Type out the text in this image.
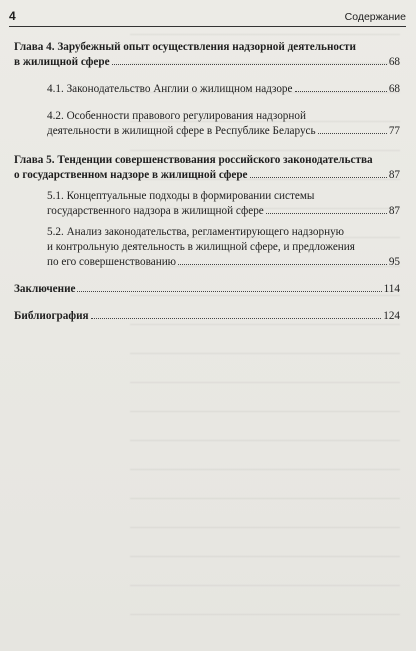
4	Содержание
Глава 4. Зарубежный опыт осуществления надзорной деятельности
в жилищной сфере	68
4.1. Законодательство Англии о жилищном надзоре	68
4.2. Особенности правового регулирования надзорной
деятельности в жилищной сфере в Республике Беларусь	77
Глава 5. Тенденции совершенствования российского законодательства
о государственном надзоре в жилищной сфере	87
5.1. Концептуальные подходы в формировании системы
государственного надзора в жилищной сфере	87
5.2. Анализ законодательства, регламентирующего надзорную
и контрольную деятельность в жилищной сфере, и предложения
по его совершенствованию	95
Заключение	114
Библиография	124
